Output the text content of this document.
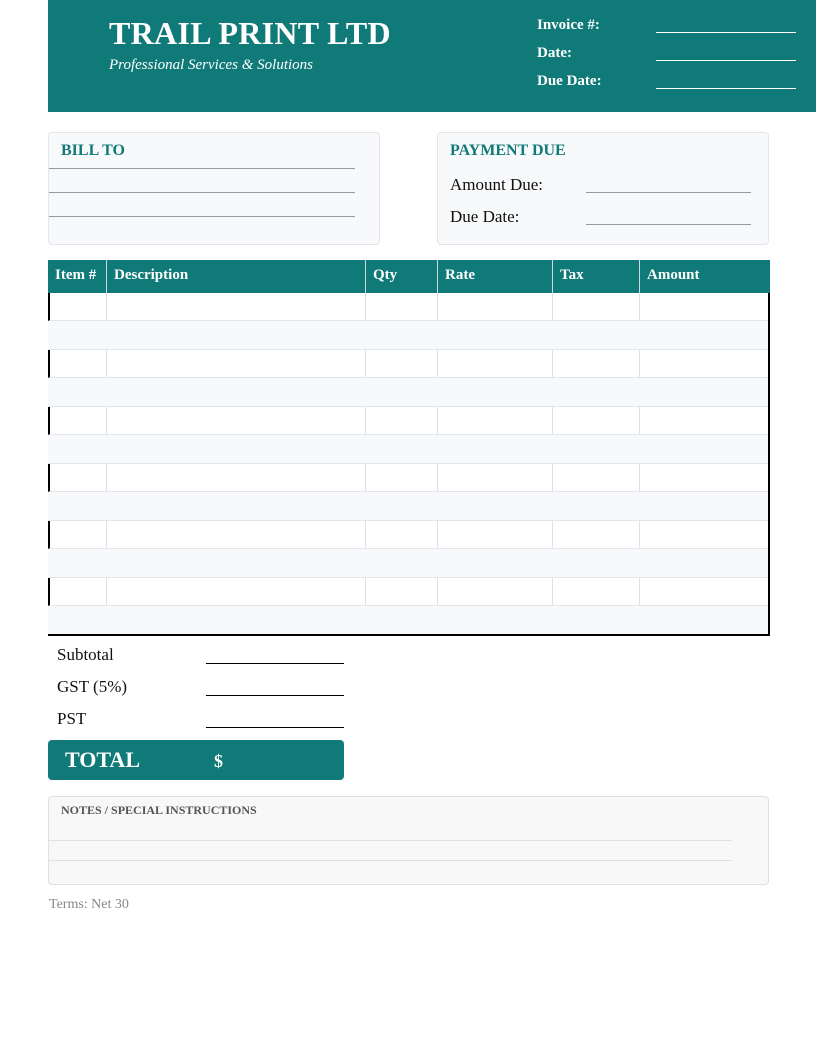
TRAIL PRINT LTD
Professional Services & Solutions
Invoice #:
Date:
Due Date:
BILL TO	PAYMENT DUE
Amount Due:
Due Date:
Item #	Description	Qty	Rate	Tax	Amount
Subtotal
GST (5%)
PST
TOTAL	$
NOTES / SPECIAL INSTRUCTIONS
Terms: Net 30
